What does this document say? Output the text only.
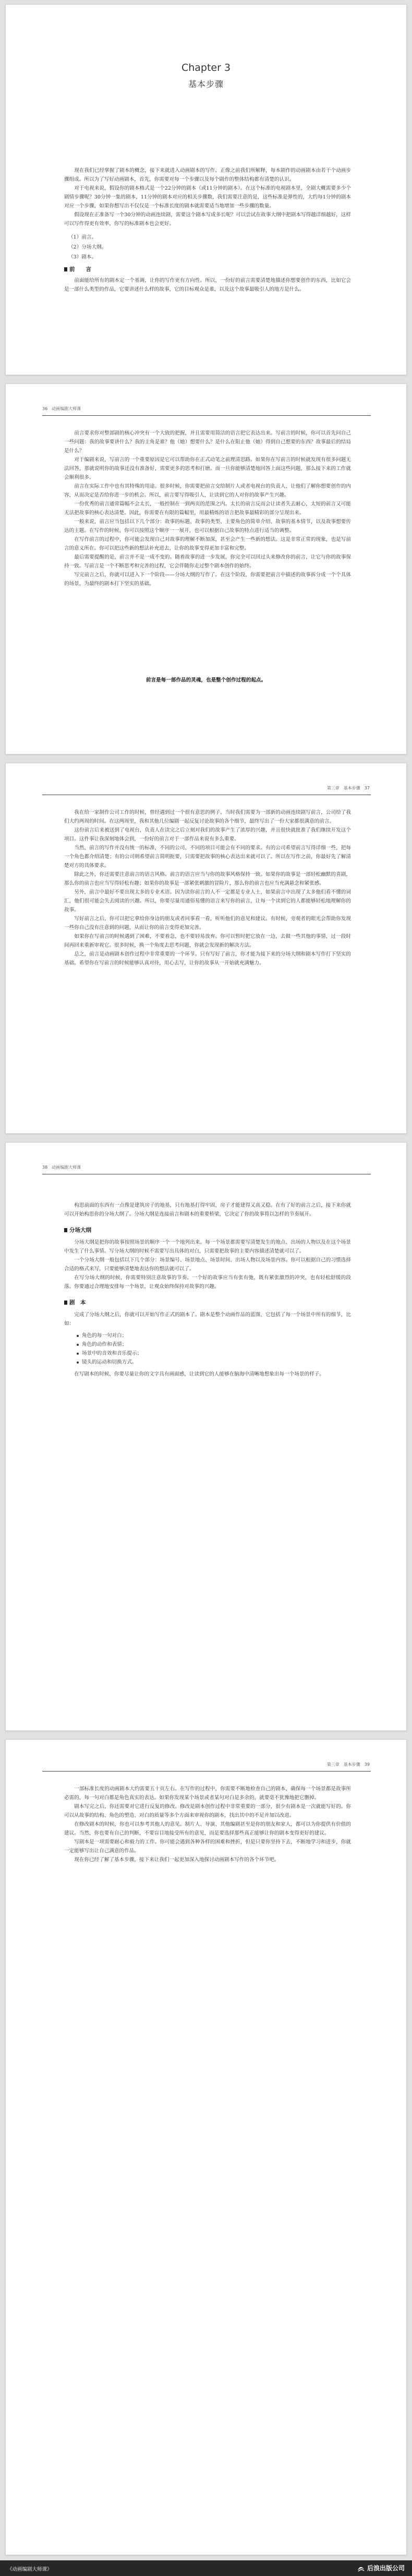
Chapter 3
基本步骤

现在我们已经掌握了剧本的概念，接下来就进入动画剧本的写作。正像之前我们所解释，每本剧作的动画剧本由若干个动画步骤组成。所以为了写好动画剧本，首先，你需要对每一个步骤以及每个剧作的整体结构都有清楚的认识。

对于电视来说，假设你的剧本格式是一个22分钟的剧本（或11分钟的剧本）。在这个标准的电视剧本里，全剧大概需要多少个剧情步骤呢？30分钟一集的剧本，11分钟的剧本对应的相关步骤数，我们需要注意的是，这些标准是弹性的，大约每1分钟的剧本对应一个步骤，如果你想写出不仅仅是一个标准长度的剧本就需要适当地增加一些步骤的数量。

假设现在正准备写一个30分钟的动画连续剧，需要这个剧本写成多长呢？可以尝试在故事大纲中把剧本写得越详细越好，这样可以写作得更有效率，你写的标准剧本也会更好。

（1）前言。
（2）分场大纲。
（3）剧本。
前　　言

前面能给所有的剧本定一个基调，让你的写作更有方向性。所以，一份好的前言需要清楚地描述你想要创作的东西，比如它会是一部什么类型的作品，它要讲述什么样的故事，它的目标观众是谁，以及这个故事最吸引人的地方是什么。

36　动画编剧大师课

前言要求你对整部剧的核心冲突有一个大致的把握，并且需要用简洁的语言把它表达出来。写前言的时候，你可以首先问自己一些问题：我的故事要讲什么？我的主角是谁？他（她）想要什么？是什么在阻止他（她）得到自己想要的东西？故事最后的结局是什么？

对于编剧来说，写前言的一个重要原因是它可以帮助你在正式动笔之前理清思路。如果你在写前言的时候就发现有很多问题无法回答，那就说明你的故事还没有准备好，需要更多的思考和打磨。而一旦你能够清楚地回答上面这些问题，那么接下来的工作就会顺利很多。

前言在实际工作中也有其特殊的用途。很多时候，你需要把前言交给制片人或者电视台的负责人，让他们了解你想要创作的内容，从而决定是否给你进一步的机会。所以，前言要写得吸引人，让读到它的人对你的故事产生兴趣。

一份优秀的前言通常篇幅不会太长，一般控制在一到两页的范围之内。太长的前言反而会让读者失去耐心，太短的前言又可能无法把故事的核心表达清楚。因此，你需要在有限的篇幅里，用最精炼的语言把故事最精彩的部分呈现出来。

一般来说，前言应当包括以下几个部分：故事的标题、故事的类型、主要角色的简单介绍、故事的基本情节，以及故事想要传达的主题。在写作的时候，你可以按照这个顺序一一展开，也可以根据自己故事的特点进行适当的调整。

在写作前言的过程中，你可能会发现自己对故事的理解不断加深，甚至会产生一些新的想法。这是非常正常的现象，也是写前言的意义所在。你可以把这些新的想法补充进去，让你的故事变得更加丰富和完整。

最后需要提醒的是，前言并不是一成不变的。随着故事的进一步发展，你完全可以回过头来修改你的前言，让它与你的故事保持一致。写前言是一个不断思考和完善的过程，它会伴随你走过整个剧本创作的始终。

写完前言之后，你就可以进入下一个阶段——分场大纲的写作了。在这个阶段，你需要把前言中描述的故事拆分成一个个具体的场景，为最终的剧本打下坚实的基础。

前言是每一部作品的灵魂，也是整个创作过程的起点。
第三章　基本步骤　37

我在给一家制作公司工作的时候，曾经遇到过一个很有意思的例子。当时我们需要为一部新的动画连续剧写前言，公司给了我们大约两周的时间。在这两周里，我和其他几位编剧一起反复讨论故事的各个细节，最终写出了一份大家都很满意的前言。

这份前言后来被送到了电视台，负责人在读完之后立刻对我们的故事产生了浓厚的兴趣，并且很快就批准了我们继续开发这个项目。这件事让我深刻地体会到，一份好的前言对于一部作品来说有多么重要。

当然，前言的写作并没有统一的标准，不同的公司、不同的项目可能会有不同的要求。有的公司希望前言写得详细一些，把每一个角色都介绍清楚；有的公司则希望前言简明扼要，只需要把故事的核心表达出来就可以了。所以在写作之前，你最好先了解清楚对方的具体要求。

除此之外，你还需要注意前言的语言风格。前言的语言应当与你的故事风格保持一致。如果你的故事是一部轻松幽默的喜剧，那么你的前言也应当写得轻松有趣；如果你的故事是一部紧张刺激的冒险片，那么你的前言也应当充满悬念和紧张感。

另外，前言中最好不要出现太多的专业术语。因为读你前言的人不一定都是专业人士，如果前言中出现了太多他们看不懂的词汇，他们很可能会失去阅读的兴趣。所以，你要尽量用通俗易懂的语言来写你的前言，让每一个读到它的人都能够轻松地理解你的故事。

写好前言之后，你可以把它拿给你身边的朋友或者同事看一看，听听他们的意见和建议。有时候，旁观者的眼光会帮助你发现一些你自己没有注意到的问题，从而让你的前言变得更加完善。

如果你在写前言的时候遇到了困难，不要着急，也不要轻易放弃。你可以暂时把它放在一边，去做一些其他的事情，过一段时间再回来重新审视它。很多时候，换一个角度去思考问题，你就会发现新的解决方法。

总之，前言是动画剧本创作过程中非常重要的一个环节。只有写好了前言，你才能为接下来的分场大纲和剧本写作打下坚实的基础。希望你在写前言的时候能够认真对待，用心去写，让你的故事从一开始就充满魅力。

38　动画编剧大师课

构思前面的东西有一点像是建筑房子的地基，只有地基打得牢固，房子才能建得又高又稳。在有了好的前言之后，接下来你就可以开始构思你的分场大纲了。分场大纲是连接前言和剧本的重要桥梁，它决定了你的故事将以怎样的节奏展开。

分场大纲

分场大纲是把你的故事按照场景的顺序一个一个地列出来。每一个场景都需要写清楚发生的地点、出场的人物以及在这个场景中发生了什么事情。写分场大纲的时候不需要写出具体的对白，只需要把故事的主要内容描述清楚就可以了。

一个分场大纲一般包括以下几个部分：场景编号、场景地点、场景时间、出场人物以及场景内容。你可以根据自己的习惯选择合适的格式来写，只要能够清楚地表达你的想法就可以了。

在写分场大纲的时候，你需要特别注意故事的节奏。一个好的故事应当有张有弛，既有紧张激烈的冲突，也有轻松舒缓的段落。你要通过合理地安排每一个场景，让观众始终保持对故事的兴趣。

剧　本

完成了分场大纲之后，你就可以开始写作正式的剧本了。剧本是整个动画作品的蓝图，它包括了每一个场景中所有的细节，比如：

角色的每一句对白；
角色的动作和表情；
场景中的音效和音乐提示；
镜头的运动和切换方式。

在写剧本的时候，你要尽量让你的文字具有画面感，让读到它的人能够在脑海中清晰地想象出每一个场景的样子。

第三章　基本步骤　39

一部标准长度的动画剧本大约需要五十页左右。在写作的过程中，你需要不断地检查自己的剧本，确保每一个场景都是故事所必需的，每一句对白都是角色真实的表达。如果你发现某个场景或者某句对白是多余的，就要毫不犹豫地把它删掉。

剧本写完之后，你还需要对它进行反复的修改。修改是剧本创作过程中非常重要的一部分，很少有剧本是一次就能写好的。你可以从故事的结构、角色的塑造、对白的质量等多个方面来审视你的剧本，找出其中的不足并加以改进。

在修改剧本的时候，你也可以参考其他人的意见。制片人、导演、其他编剧甚至是你的朋友和家人，都可以为你提供有价值的建议。当然，你也要有自己的判断，不要盲目地接受所有的意见，而是要选择那些真正能够让你的剧本变得更好的建议。

写剧本是一项需要耐心和毅力的工作。你可能会遇到各种各样的困难和挫折，但是只要你坚持下去，不断地学习和进步，你就一定能够写出让自己满意的作品。

现在你已经了解了基本步骤，接下来让我们一起更加深入地探讨动画剧本写作的各个环节吧。

《动画编剧大师课》	后浪出版公司
